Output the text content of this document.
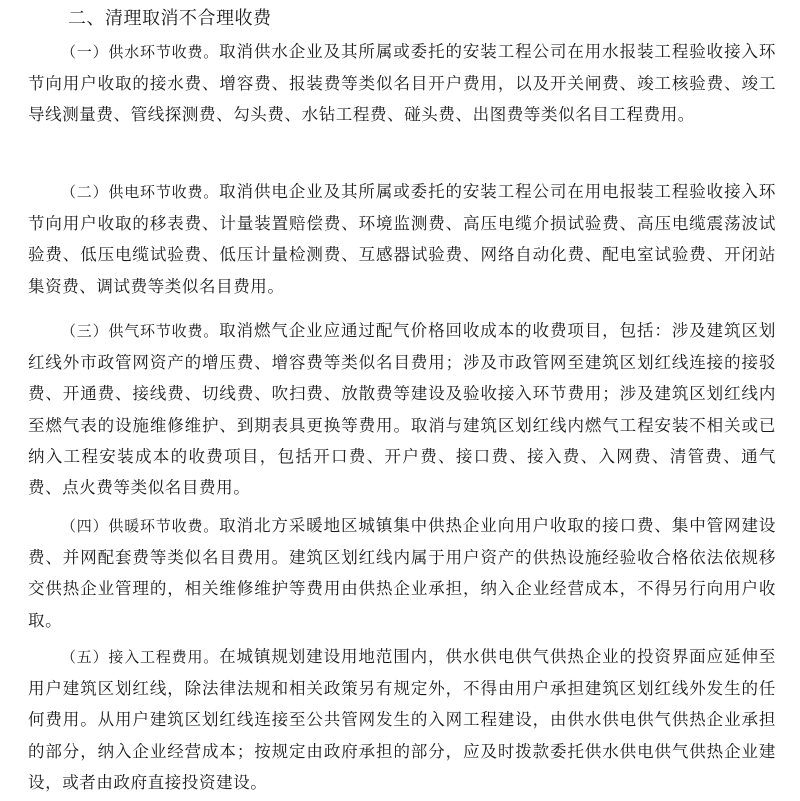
二、清理取消不合理收费

（一）供水环节收费。取消供水企业及其所属或委托的安装工程公司在用水报装工程验收接入环节向用户收取的接水费、增容费、报装费等类似名目开户费用，以及开关闸费、竣工核验费、竣工导线测量费、管线探测费、勾头费、水钻工程费、碰头费、出图费等类似名目工程费用。

（二）供电环节收费。取消供电企业及其所属或委托的安装工程公司在用电报装工程验收接入环节向用户收取的移表费、计量装置赔偿费、环境监测费、高压电缆介损试验费、高压电缆震荡波试验费、低压电缆试验费、低压计量检测费、互感器试验费、网络自动化费、配电室试验费、开闭站集资费、调试费等类似名目费用。

（三）供气环节收费。取消燃气企业应通过配气价格回收成本的收费项目，包括：涉及建筑区划红线外市政管网资产的增压费、增容费等类似名目费用；涉及市政管网至建筑区划红线连接的接驳费、开通费、接线费、切线费、吹扫费、放散费等建设及验收接入环节费用；涉及建筑区划红线内至燃气表的设施维修维护、到期表具更换等费用。取消与建筑区划红线内燃气工程安装不相关或已纳入工程安装成本的收费项目，包括开口费、开户费、接口费、接入费、入网费、清管费、通气费、点火费等类似名目费用。

（四）供暖环节收费。取消北方采暖地区城镇集中供热企业向用户收取的接口费、集中管网建设费、并网配套费等类似名目费用。建筑区划红线内属于用户资产的供热设施经验收合格依法依规移交供热企业管理的，相关维修维护等费用由供热企业承担，纳入企业经营成本，不得另行向用户收取。

（五）接入工程费用。在城镇规划建设用地范围内，供水供电供气供热企业的投资界面应延伸至用户建筑区划红线，除法律法规和相关政策另有规定外，不得由用户承担建筑区划红线外发生的任何费用。从用户建筑区划红线连接至公共管网发生的入网工程建设，由供水供电供气供热企业承担的部分，纳入企业经营成本；按规定由政府承担的部分，应及时拨款委托供水供电供气供热企业建设，或者由政府直接投资建设。
